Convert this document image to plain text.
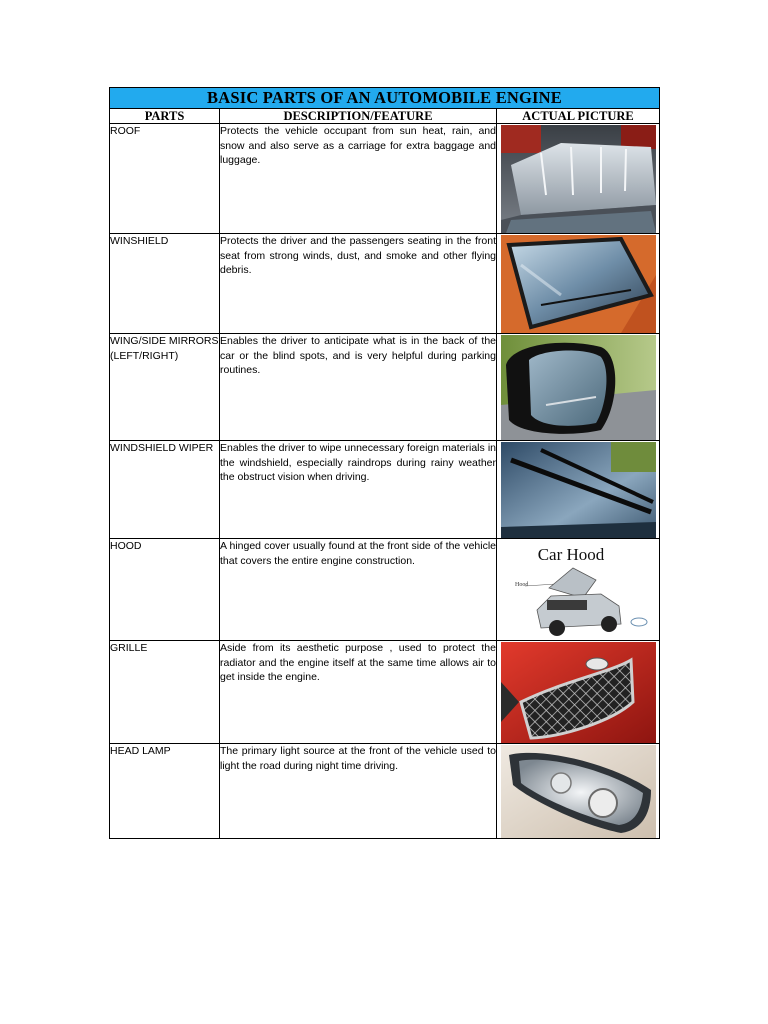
BASIC PARTS OF AN AUTOMOBILE ENGINE		
PARTS	DESCRIPTION/FEATURE	ACTUAL PICTURE
ROOF	Protects the vehicle occupant from sun heat, rain, and snow and also serve as a carriage for extra baggage and luggage.	

WINSHIELD	Protects the driver and the passengers seating in the front seat from strong winds, dust, and smoke and other flying debris.	

WING/SIDE MIRRORS (LEFT/RIGHT)	Enables the driver to anticipate what is in the back of the car or the blind spots, and is very helpful during parking routines.	

WINDSHIELD WIPER	Enables the driver to wipe unnecessary foreign materials in the windshield, especially raindrops during rainy weather the obstruct vision when driving.	

HOOD	A hinged cover usually found at the front side of the vehicle that covers the entire engine construction.	Car Hood
Hood

GRILLE	Aside from its aesthetic purpose , used to protect the radiator and the engine itself at the same time allows air to get inside the engine.	

HEAD LAMP	The primary light source at the front of the vehicle used to light the road during night time driving.	
